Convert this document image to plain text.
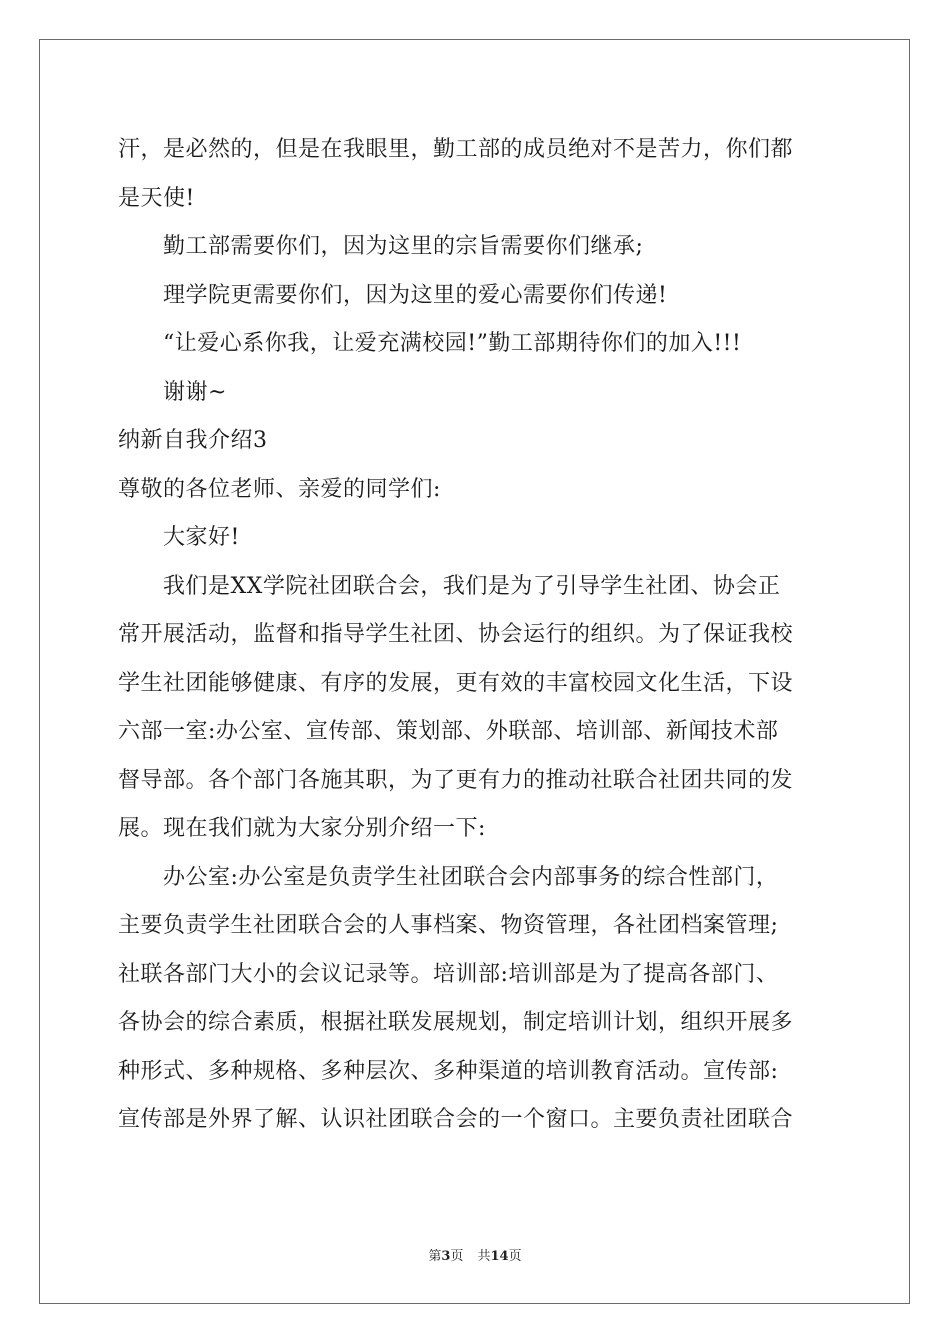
汗，是必然的，但是在我眼里，勤工部的成员绝对不是苦力，你们都
是天使!
勤工部需要你们，因为这里的宗旨需要你们继承;
理学院更需要你们，因为这里的爱心需要你们传递!
“让爱心系你我，让爱充满校园!”勤工部期待你们的加入!!!
谢谢~
纳新自我介绍3
尊敬的各位老师、亲爱的同学们:
大家好!
我们是XX学院社团联合会，我们是为了引导学生社团、协会正
常开展活动，监督和指导学生社团、协会运行的组织。为了保证我校
学生社团能够健康、有序的发展，更有效的丰富校园文化生活，下设
六部一室:办公室、宣传部、策划部、外联部、培训部、新闻技术部
督导部。各个部门各施其职，为了更有力的推动社联合社团共同的发
展。现在我们就为大家分别介绍一下:
办公室:办公室是负责学生社团联合会内部事务的综合性部门，
主要负责学生社团联合会的人事档案、物资管理，各社团档案管理;
社联各部门大小的会议记录等。培训部:培训部是为了提高各部门、
各协会的综合素质，根据社联发展规划，制定培训计划，组织开展多
种形式、多种规格、多种层次、多种渠道的培训教育活动。宣传部:
宣传部是外界了解、认识社团联合会的一个窗口。主要负责社团联合
第3页 共14页
